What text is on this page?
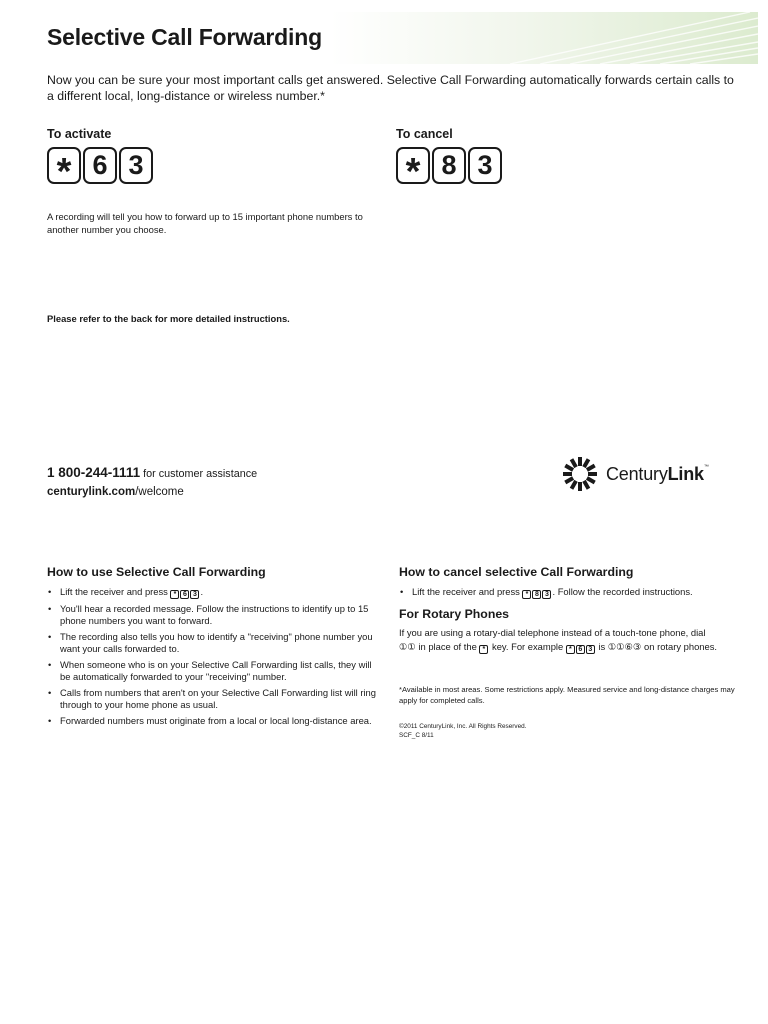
Selective Call Forwarding

Now you can be sure your most important calls get answered. Selective Call Forwarding automatically forwards certain calls to a different local, long-distance or wireless number.*

To activate

* 6 3

To cancel

* 8 3

A recording will tell you how to forward up to 15 important phone numbers to another number you choose.

Please refer to the back for more detailed instructions.

1 800-244-1111 for customer assistance

centurylink.com/welcome

CenturyLink™
How to use Selective Call Forwarding
• Lift the receiver and press * 6 3 .
• You'll hear a recorded message. Follow the instructions to identify up to 15 phone numbers you want to forward.
• The recording also tells you how to identify a "receiving" phone number you want your calls forwarded to.
• When someone who is on your Selective Call Forwarding list calls, they will be automatically forwarded to your "receiving" number.
• Calls from numbers that aren't on your Selective Call Forwarding list will ring through to your home phone as usual.
• Forwarded numbers must originate from a local or local long-distance area.
How to cancel selective Call Forwarding
• Lift the receiver and press * 8 3 . Follow the recorded instructions.
For Rotary Phones

If you are using a rotary-dial telephone instead of a touch-tone phone, dial ①① in place of the * key. For example * 6 3 is ①①⑥③ on rotary phones.

*Available in most areas. Some restrictions apply. Measured service and long-distance charges may apply for completed calls.

©2011 CenturyLink, Inc. All Rights Reserved.
SCF_C 8/11
